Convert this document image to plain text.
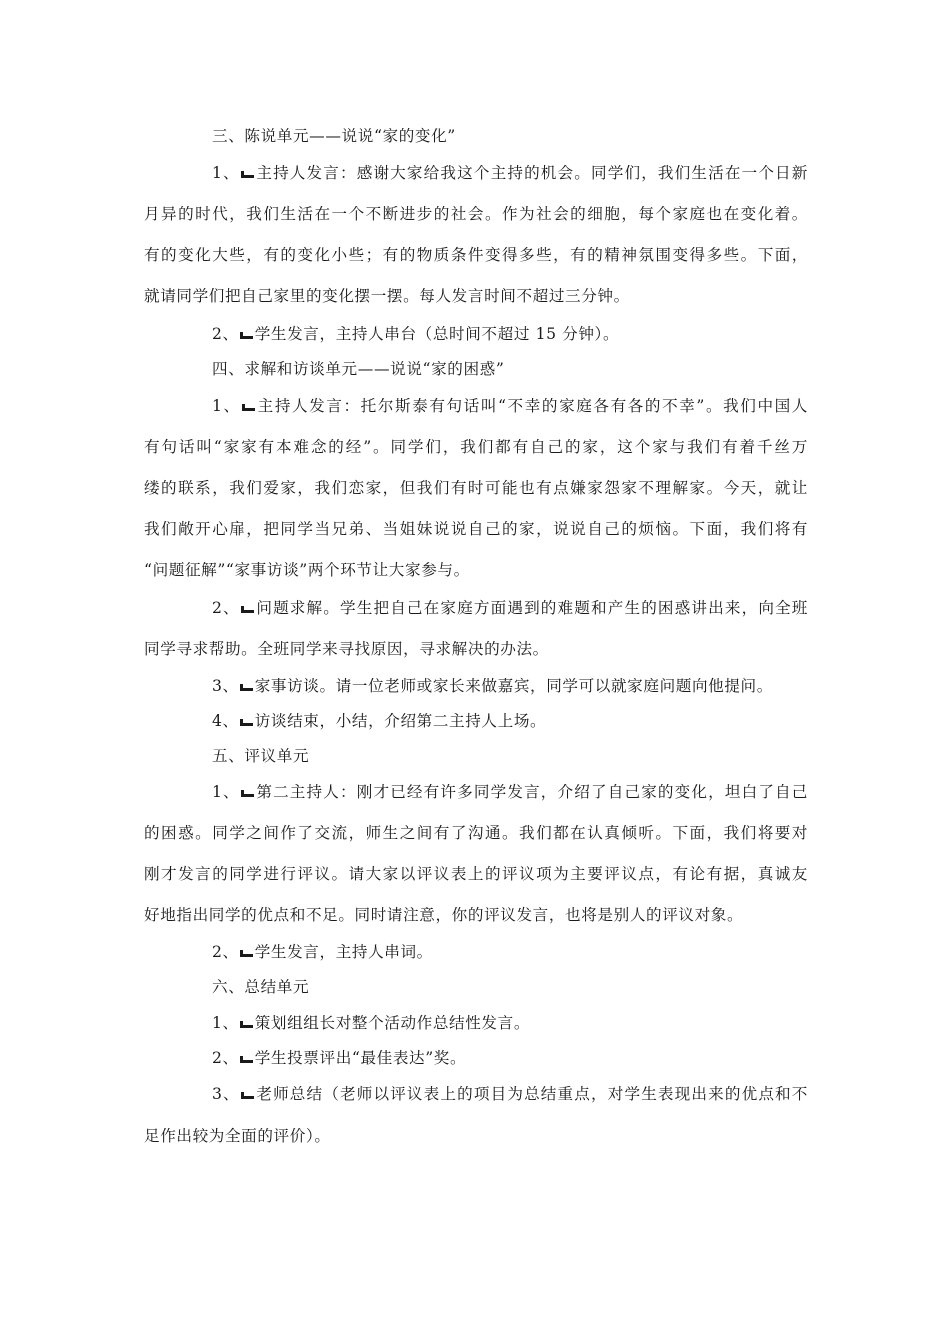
三、陈说单元——说说“家的变化”
1、 主持人发言：感谢大家给我这个主持的机会。同学们，我们生活在一个日新
月异的时代，我们生活在一个不断进步的社会。作为社会的细胞，每个家庭也在变化着。
有的变化大些，有的变化小些；有的物质条件变得多些，有的精神氛围变得多些。下面，
就请同学们把自己家里的变化摆一摆。每人发言时间不超过三分钟。
2、 学生发言，主持人串台（总时间不超过 15 分钟）。
四、求解和访谈单元——说说“家的困惑”
1、 主持人发言：托尔斯泰有句话叫“不幸的家庭各有各的不幸”。我们中国人
有句话叫“家家有本难念的经”。同学们，我们都有自己的家，这个家与我们有着千丝万
缕的联系，我们爱家，我们恋家，但我们有时可能也有点嫌家怨家不理解家。今天，就让
我们敞开心扉，把同学当兄弟、当姐妹说说自己的家，说说自己的烦恼。下面，我们将有
“问题征解”“家事访谈”两个环节让大家参与。
2、 问题求解。学生把自己在家庭方面遇到的难题和产生的困惑讲出来，向全班
同学寻求帮助。全班同学来寻找原因，寻求解决的办法。
3、 家事访谈。请一位老师或家长来做嘉宾，同学可以就家庭问题向他提问。
4、 访谈结束，小结，介绍第二主持人上场。
五、评议单元
1、 第二主持人：刚才已经有许多同学发言，介绍了自己家的变化，坦白了自己
的困惑。同学之间作了交流，师生之间有了沟通。我们都在认真倾听。下面，我们将要对
刚才发言的同学进行评议。请大家以评议表上的评议项为主要评议点，有论有据，真诚友
好地指出同学的优点和不足。同时请注意，你的评议发言，也将是别人的评议对象。
2、 学生发言，主持人串词。
六、总结单元
1、 策划组组长对整个活动作总结性发言。
2、 学生投票评出“最佳表达”奖。
3、 老师总结（老师以评议表上的项目为总结重点，对学生表现出来的优点和不
足作出较为全面的评价）。
